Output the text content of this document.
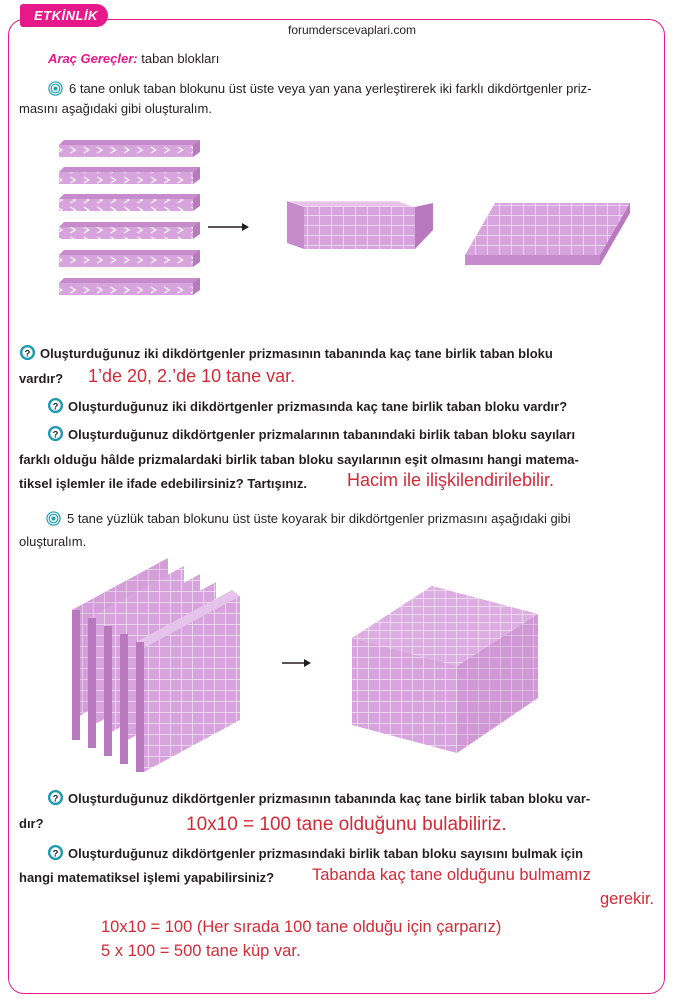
ETKİNLİK
forumderscevaplari.com
Araç Gereçler: taban blokları
6 tane onluk taban blokunu üst üste veya yan yana yerleştirerek iki farklı dikdörtgenler priz-
masını aşağıdaki gibi oluşturalım.
? Oluşturduğunuz iki dikdörtgenler prizmasının tabanında kaç tane birlik taban bloku
vardır?	1’de 20, 2.’de 10 tane var.
? Oluşturduğunuz iki dikdörtgenler prizmasında kaç tane birlik taban bloku vardır?
? Oluşturduğunuz dikdörtgenler prizmalarının tabanındaki birlik taban bloku sayıları
farklı olduğu hâlde prizmalardaki birlik taban bloku sayılarının eşit olmasını hangi matema-
tiksel işlemler ile ifade edebilirsiniz? Tartışınız.	Hacim ile ilişkilendirilebilir.
5 tane yüzlük taban blokunu üst üste koyarak bir dikdörtgenler prizmasını aşağıdaki gibi
oluşturalım.
? Oluşturduğunuz dikdörtgenler prizmasının tabanında kaç tane birlik taban bloku var-
dır?	10x10 = 100 tane olduğunu bulabiliriz.
? Oluşturduğunuz dikdörtgenler prizmasındaki birlik taban bloku sayısını bulmak için
hangi matematiksel işlemi yapabilirsiniz?	Tabanda kaç tane olduğunu bulmamız
gerekir.
10x10 = 100 (Her sırada 100 tane olduğu için çarparız)
5 x 100 = 500 tane küp var.
